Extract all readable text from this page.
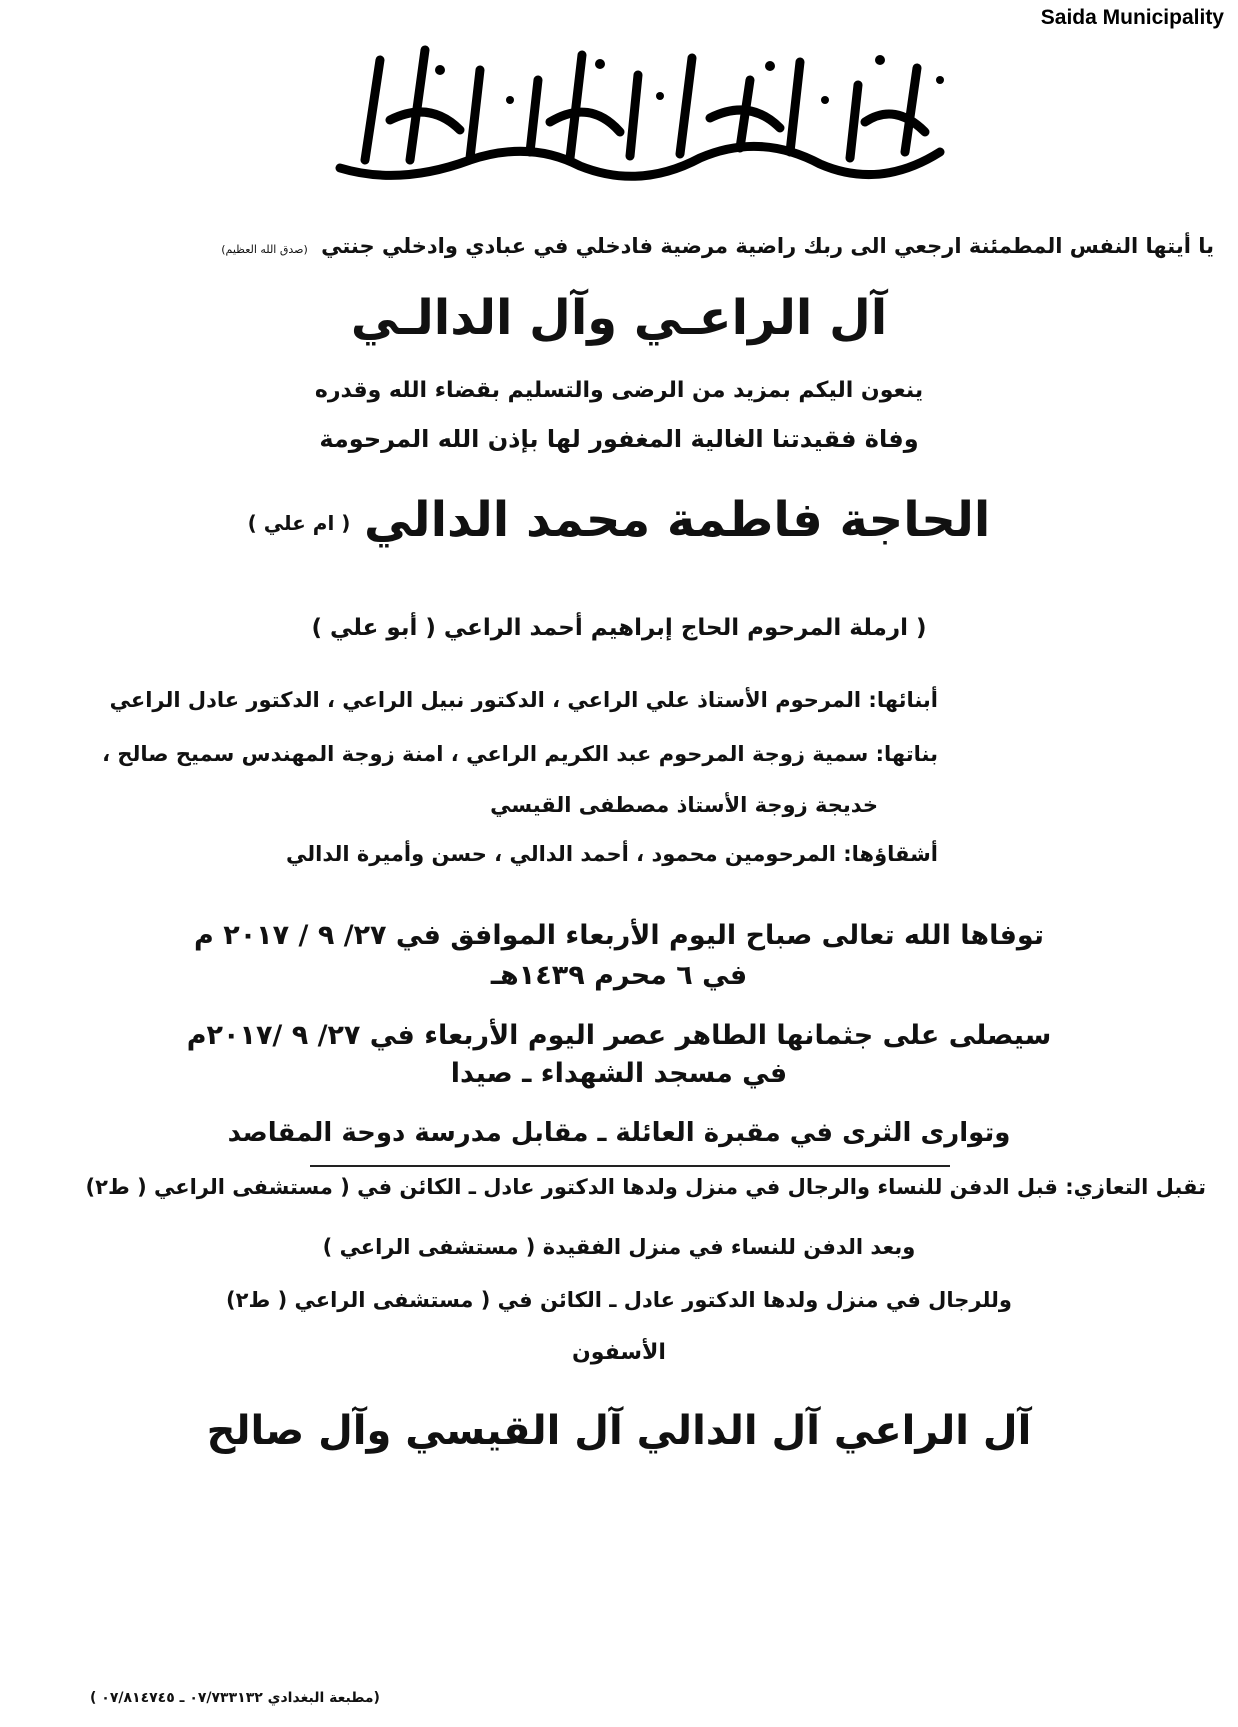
Saida Municipality
يا أيتها النفس المطمئنة ارجعي الى ربك راضية مرضية فادخلي في عبادي وادخلي جنتي (صدق الله العظيم)
آل الراعـي وآل الدالـي
ينعون اليكم بمزيد من الرضى والتسليم بقضاء الله وقدره
وفاة فقيدتنا الغالية المغفور لها بإذن الله المرحومة
الحاجة فاطمة محمد الدالي ( ام علي )
( ارملة المرحوم الحاج إبراهيم أحمد الراعي ( أبو علي )
أبنائها: المرحوم الأستاذ علي الراعي ، الدكتور نبيل الراعي ، الدكتور عادل الراعي
بناتها: سمية زوجة المرحوم عبد الكريم الراعي ، امنة زوجة المهندس سميح صالح ،
خديجة زوجة الأستاذ مصطفى القيسي
أشقاؤها: المرحومين محمود ، أحمد الدالي ، حسن وأميرة الدالي
توفاها الله تعالى صباح اليوم الأربعاء الموافق في ٢٧/ ٩ / ٢٠١٧ م
في ٦ محرم ١٤٣٩هـ
سيصلى على جثمانها الطاهر عصر اليوم الأربعاء في ٢٧/ ٩ /٢٠١٧م
في مسجد الشهداء ـ صيدا
وتوارى الثرى في مقبرة العائلة ـ مقابل مدرسة دوحة المقاصد
تقبل التعازي: قبل الدفن للنساء والرجال في منزل ولدها الدكتور عادل ـ الكائن في ( مستشفى الراعي ( ط٢)
وبعد الدفن للنساء في منزل الفقيدة ( مستشفى الراعي )
وللرجال في منزل ولدها الدكتور عادل ـ الكائن في ( مستشفى الراعي ( ط٢)
الأسفون
آل الراعي آل الدالي آل القيسي وآل صالح
(مطبعة البغدادي ٠٧/٧٣٣١٣٢ ـ ٠٧/٨١٤٧٤٥ )
